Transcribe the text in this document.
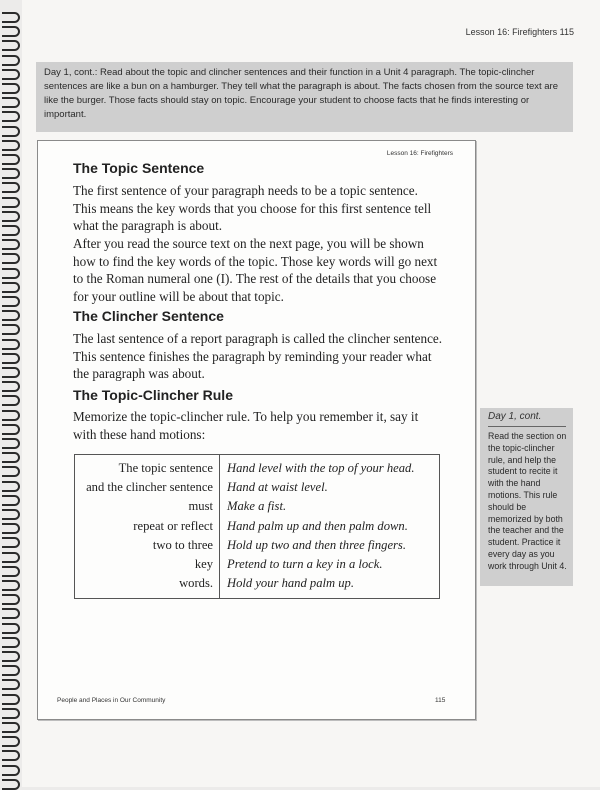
Lesson 16: Firefighters 115
Day 1, cont.: Read about the topic and clincher sentences and their function in a Unit 4 paragraph. The topic-clincher sentences are like a bun on a hamburger. They tell what the paragraph is about. The facts chosen from the source text are like the burger. Those facts should stay on topic. Encourage your student to choose facts that he finds interesting or important.
Lesson 16: Firefighters
The Topic Sentence
The first sentence of your paragraph needs to be a topic sentence. This means the key words that you choose for this first sentence tell what the paragraph is about.
After you read the source text on the next page, you will be shown how to find the key words of the topic. Those key words will go next to the Roman numeral one (I). The rest of the details that you choose for your outline will be about that topic.
The Clincher Sentence
The last sentence of a report paragraph is called the clincher sentence. This sentence finishes the paragraph by reminding your reader what the paragraph was about.
The Topic-Clincher Rule
Memorize the topic-clincher rule. To help you remember it, say it with these hand motions:
The topic sentence	Hand level with the top of your head.
and the clincher sentence	Hand at waist level.
must	Make a fist.
repeat or reflect	Hand palm up and then palm down.
two to three	Hold up two and then three fingers.
key	Pretend to turn a key in a lock.
words.	Hold your hand palm up.
People and Places in Our Community	115
Day 1, cont.
Read the section on the topic-clincher rule, and help the student to recite it with the hand motions. This rule should be memorized by both the teacher and the student. Practice it every day as you work through Unit 4.
